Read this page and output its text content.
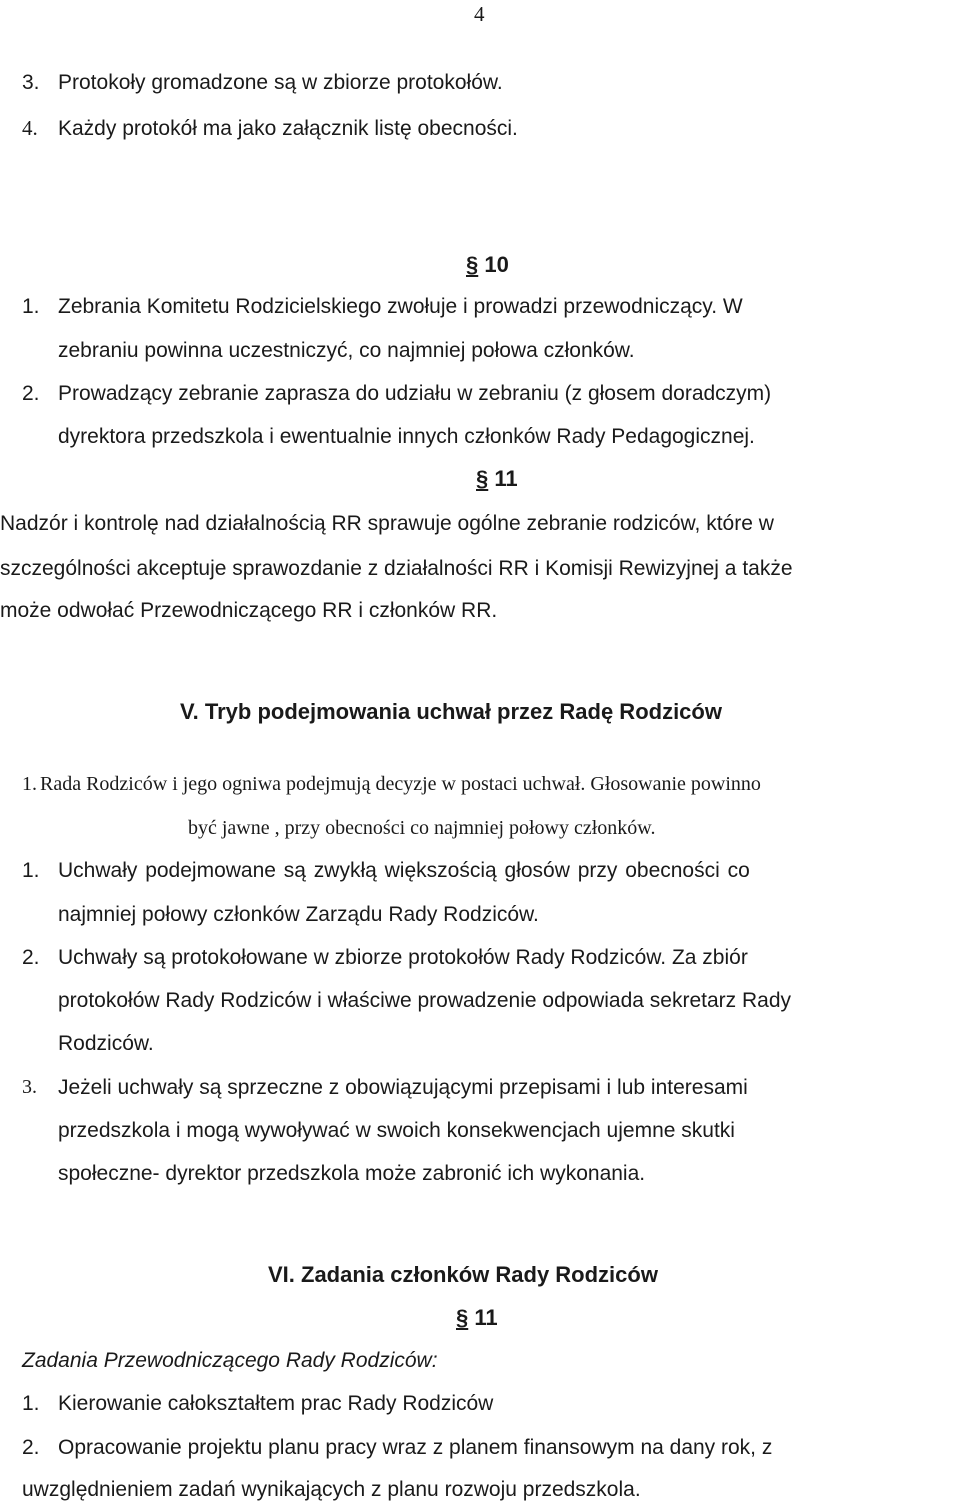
4
3. Protokoły gromadzone są w zbiorze protokołów.
4. Każdy protokół ma jako załącznik listę obecności.
§ 10
1. Zebrania Komitetu Rodzicielskiego zwołuje i prowadzi przewodniczący. W
zebraniu powinna uczestniczyć, co najmniej połowa członków.
2. Prowadzący zebranie zaprasza do udziału w zebraniu (z głosem doradczym)
dyrektora przedszkola i ewentualnie innych członków Rady Pedagogicznej.
§ 11
Nadzór i kontrolę nad działalnością RR sprawuje ogólne zebranie rodziców, które w
szczególności akceptuje sprawozdanie z działalności RR i Komisji Rewizyjnej a także
może odwołać Przewodniczącego RR i członków RR.
V. Tryb podejmowania uchwał przez Radę Rodziców
1. Rada Rodziców i jego ogniwa podejmują decyzje w postaci uchwał. Głosowanie powinno
być jawne , przy obecności co najmniej połowy członków.
1. Uchwały podejmowane są zwykłą większością głosów przy obecności co
najmniej połowy członków Zarządu Rady Rodziców.
2. Uchwały są protokołowane w zbiorze protokołów Rady Rodziców. Za zbiór
protokołów Rady Rodziców i właściwe prowadzenie odpowiada sekretarz Rady
Rodziców.
3. Jeżeli uchwały są sprzeczne z obowiązującymi przepisami i lub interesami
przedszkola i mogą wywoływać w swoich konsekwencjach ujemne skutki
społeczne- dyrektor przedszkola może zabronić ich wykonania.
VI. Zadania członków Rady Rodziców
§ 11
Zadania Przewodniczącego Rady Rodziców:
1. Kierowanie całokształtem prac Rady Rodziców
2. Opracowanie projektu planu pracy wraz z planem finansowym na dany rok, z
uwzględnieniem zadań wynikających z planu rozwoju przedszkola.
